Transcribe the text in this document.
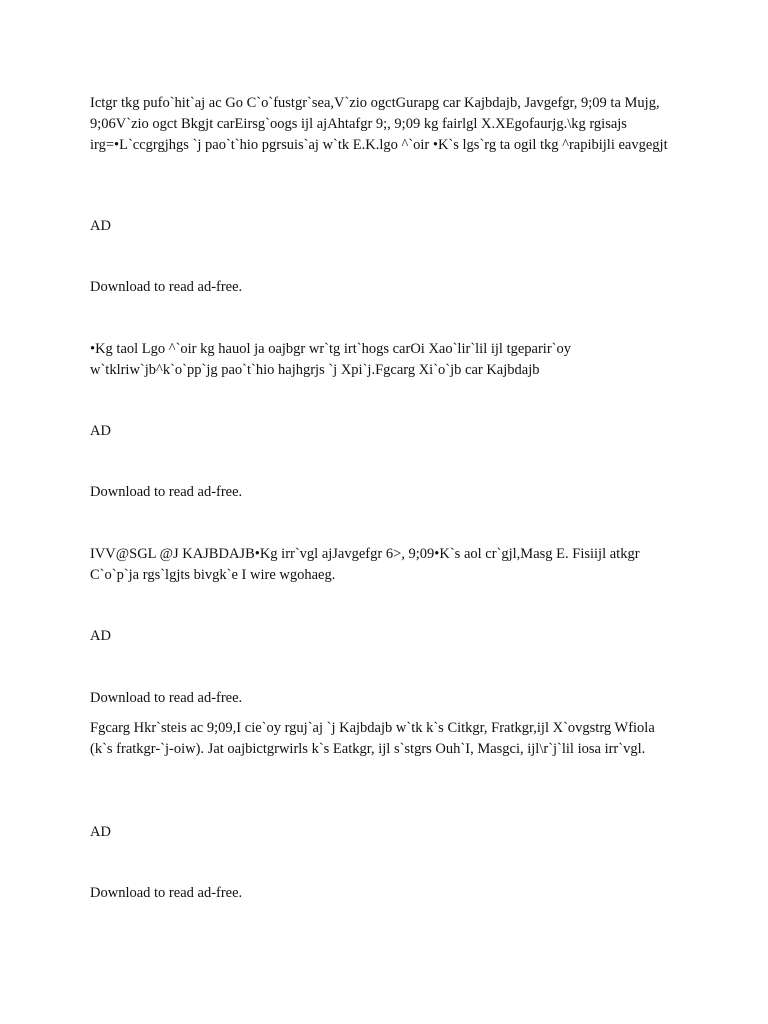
Ictgr tkg pufo`hit`aj ac Go C`o`fustgr`sea,V`zio ogctGurapg car Kajbdajb, Javgefgr, 9;09 ta Mujg, 9;06V`zio ogct Bkgjt carEirsg`oogs ijl ajAhtafgr 9;, 9;09 kg fairlgl X.XEgofaurjg.\kg rgisajs irg=•L`ccgrgjhgs `j pao`t`hio pgrsuis`aj w`tk E.K.lgo ^`oir •K`s lgs`rg ta ogil tkg ^rapibijli eavgegjt

AD
Download to read ad-free.

•Kg taol Lgo ^`oir kg hauol ja oajbgr wr`tg irt`hogs carOi Xao`lir`lil ijl tgeparir`oy w`tklriw`jb^k`o`pp`jg pao`t`hio hajhgrjs `j Xpi`j.Fgcarg Xi`o`jb car Kajbdajb

AD
Download to read ad-free.

IVV@SGL @J KAJBDAJB•Kg irr`vgl ajJavgefgr 6>, 9;09•K`s aol cr`gjl,Masg E. Fisiijl atkgr C`o`p`ja rgs`lgjts bivgk`e I wire wgohaeg.

AD
Download to read ad-free.

Fgcarg Hkr`steis ac 9;09,I cie`oy rguj`aj `j Kajbdajb w`tk k`s Citkgr, Fratkgr,ijl X`ovgstrg Wfiola (k`s fratkgr-`j-oiw). Jat oajbictgrwirls k`s Eatkgr, ijl s`stgrs Ouh`I, Masgci, ijl\r`j`lil iosa irr`vgl.

AD
Download to read ad-free.
